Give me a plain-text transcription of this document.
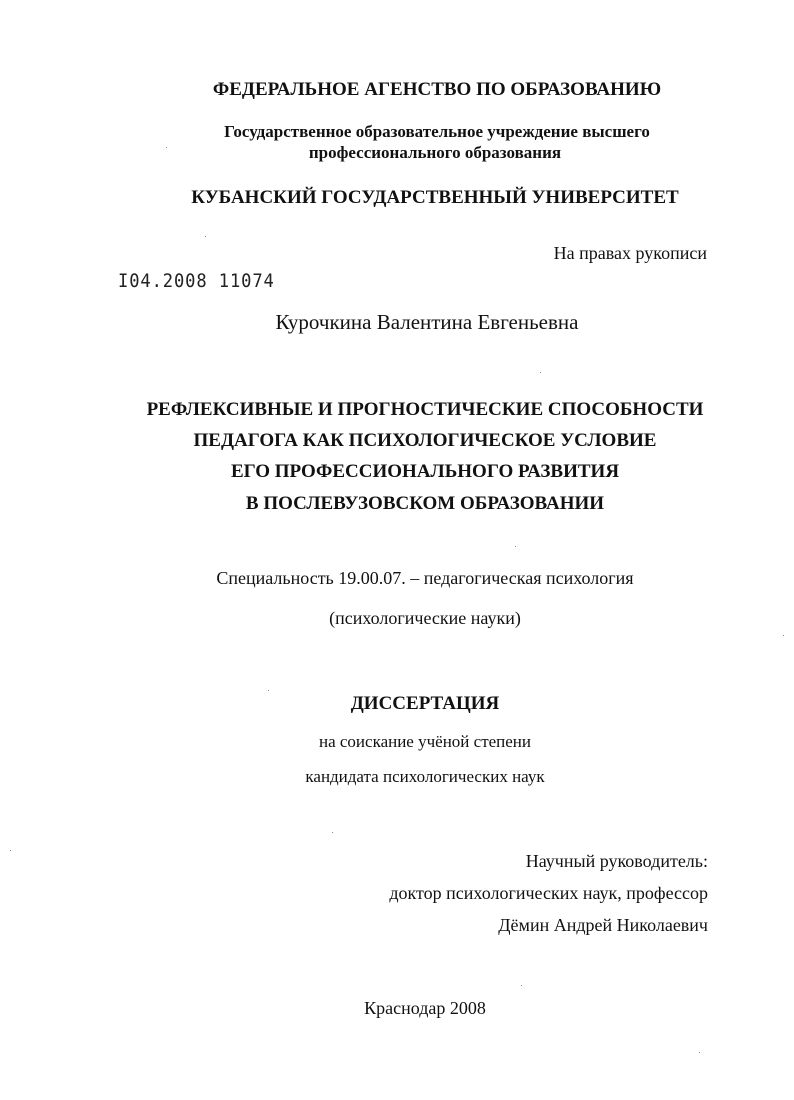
ФЕДЕРАЛЬНОЕ АГЕНСТВО ПО ОБРАЗОВАНИЮ
Государственное образовательное учреждение высшего
профессионального образования
КУБАНСКИЙ ГОСУДАРСТВЕННЫЙ УНИВЕРСИТЕТ
На правах рукописи
I04.2008 11074
Курочкина Валентина Евгеньевна
РЕФЛЕКСИВНЫЕ И ПРОГНОСТИЧЕСКИЕ СПОСОБНОСТИ
ПЕДАГОГА КАК ПСИХОЛОГИЧЕСКОЕ УСЛОВИЕ
ЕГО ПРОФЕССИОНАЛЬНОГО РАЗВИТИЯ
В ПОСЛЕВУЗОВСКОМ ОБРАЗОВАНИИ
Специальность 19.00.07. – педагогическая психология
(психологические науки)
ДИССЕРТАЦИЯ
на соискание учёной степени
кандидата психологических наук
Научный руководитель:
доктор психологических наук, профессор
Дёмин Андрей Николаевич
Краснодар 2008
